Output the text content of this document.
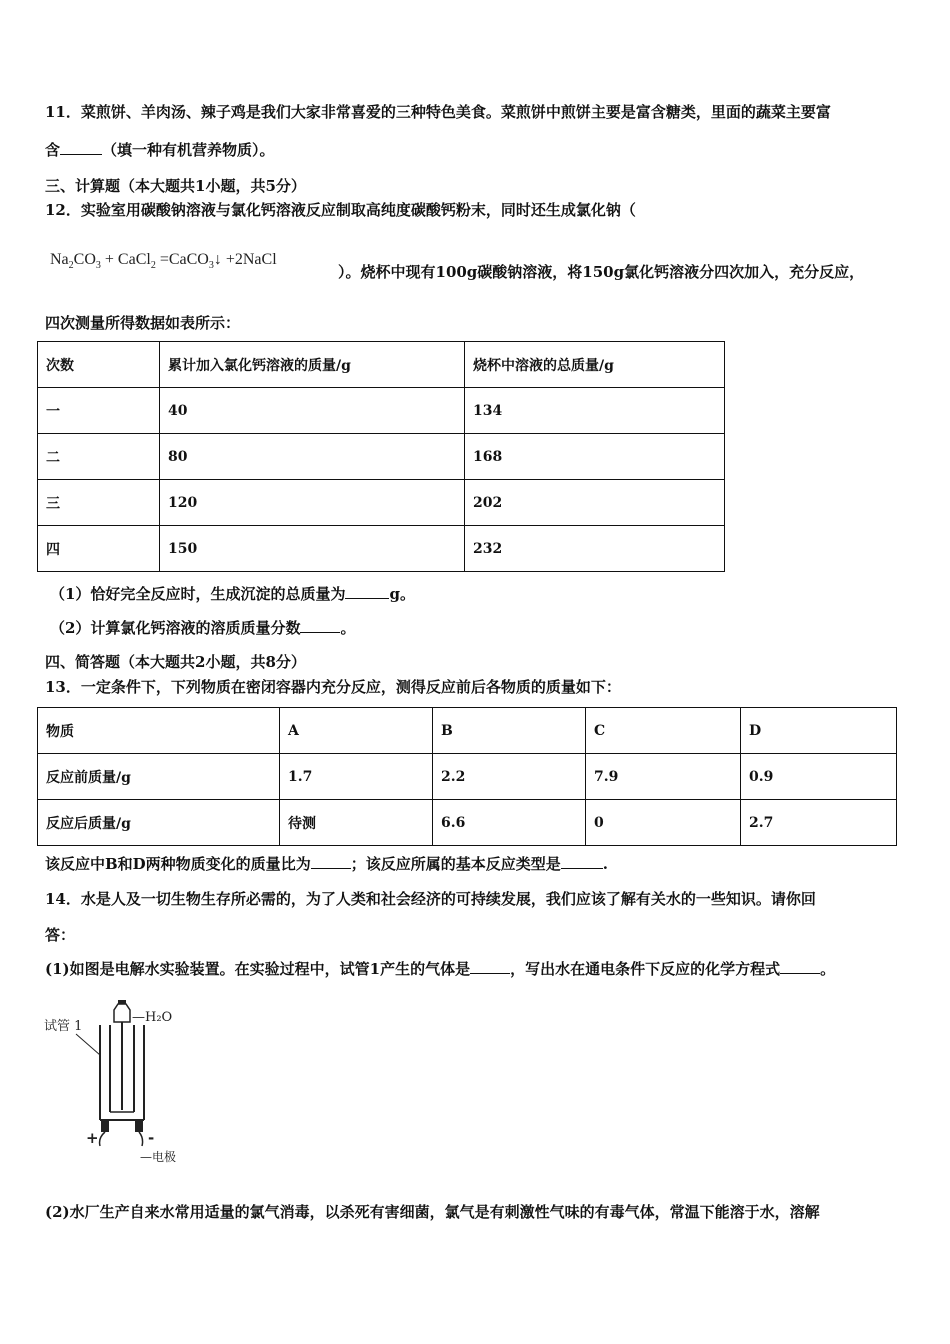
11．菜煎饼、羊肉汤、辣子鸡是我们大家非常喜爱的三种特色美食。菜煎饼中煎饼主要是富含糖类，里面的蔬菜主要富
含	（填一种有机营养物质）。
三、计算题（本大题共1小题，共5分）
12．实验室用碳酸钠溶液与氯化钙溶液反应制取高纯度碳酸钙粉末，同时还生成氯化钠（
$Na_2CO_3$ + CaCl$_2$ =CaCO$_3$↓ +2NaCl
）。烧杯中现有100g碳酸钠溶液，将150g氯化钙溶液分四次加入，充分反应，
四次测量所得数据如表所示：
次数	累计加入氯化钙溶液的质量/g	烧杯中溶液的总质量/g
一	40	134
二	80	168
三	120	202
四	150	232
（1）恰好完全反应时，生成沉淀的总质量为	g。
（2）计算氯化钙溶液的溶质质量分数	。
四、简答题（本大题共2小题，共8分）
13．一定条件下，下列物质在密闭容器内充分反应，测得反应前后各物质的质量如下：
物质	A	B	C	D
反应前质量/g	1.7	2.2	7.9	0.9
反应后质量/g	待测	6.6	0	2.7
该反应中B和D两种物质变化的质量比为	；该反应所属的基本反应类型是	.
14．水是人及一切生物生存所必需的，为了人类和社会经济的可持续发展，我们应该了解有关水的一些知识。请你回
答：
(1)如图是电解水实验装置。在实验过程中，试管1产生的气体是	，写出水在通电条件下反应的化学方程式	。
试管 1
—H₂O
+	-
—电极
(2)水厂生产自来水常用适量的氯气消毒，以杀死有害细菌，氯气是有刺激性气味的有毒气体，常温下能溶于水，溶解
